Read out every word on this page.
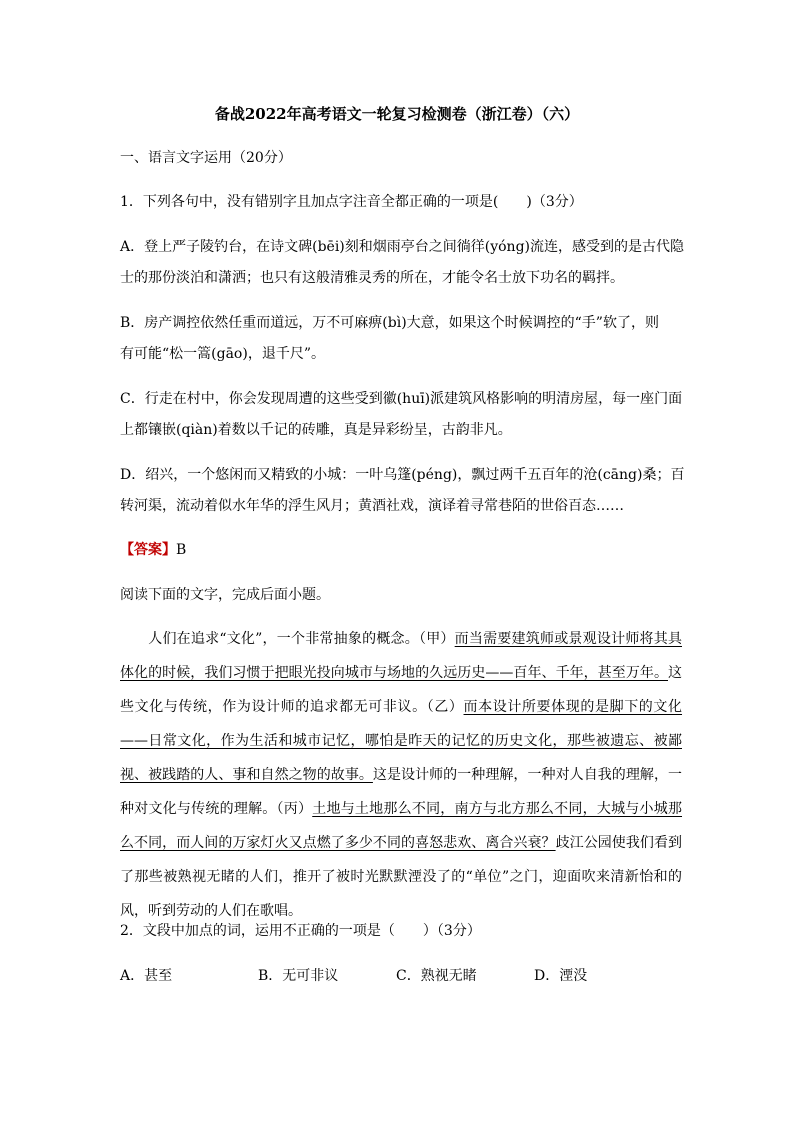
备战2022年高考语文一轮复习检测卷（浙江卷）（六）
一、语言文字运用（20分）
1．下列各句中，没有错别字且加点字注音全都正确的一项是(　　)（3分）
A．登上严子陵钓台，在诗文碑(bēi)刻和烟雨亭台之间徜徉(yóng)流连，感受到的是古代隐
士的那份淡泊和潇洒；也只有这般清雅灵秀的所在，才能令名士放下功名的羁拌。
B．房产调控依然任重而道远，万不可麻痹(bì)大意，如果这个时候调控的“手”软了，则
有可能“松一篙(gāo)，退千尺”。
C．行走在村中，你会发现周遭的这些受到徽(huī)派建筑风格影响的明清房屋，每一座门面
上都镶嵌(qiàn)着数以千记的砖雕，真是异彩纷呈，古韵非凡。
D．绍兴，一个悠闲而又精致的小城：一叶乌篷(péng)，飘过两千五百年的沧(cāng)桑；百
转河渠，流动着似水年华的浮生风月；黄酒社戏，演译着寻常巷陌的世俗百态……
【答案】B
阅读下面的文字，完成后面小题。
人们在追求“文化”，一个非常抽象的概念。（甲）而当需要建筑师或景观设计师将其具体化的时候，我们习惯于把眼光投向城市与场地的久远历史——百年、千年，甚至万年。这些文化与传统，作为设计师的追求都无可非议。（乙）而本设计所要体现的是脚下的文化——日常文化，作为生活和城市记忆，哪怕是昨天的记忆的历史文化，那些被遗忘、被鄙视、被践踏的人、事和自然之物的故事。这是设计师的一种理解，一种对人自我的理解，一种对文化与传统的理解。（丙）土地与土地那么不同，南方与北方那么不同，大城与小城那么不同，而人间的万家灯火又点燃了多少不同的喜怒悲欢、离合兴衰？歧江公园使我们看到了那些被熟视无睹的人们，推开了被时光默默湮没了的“单位”之门，迎面吹来清新怡和的风，听到劳动的人们在歌唱。
2．文段中加点的词，运用不正确的一项是（　　）（3分）
A．甚至	B．无可非议	C．熟视无睹	D．湮没
